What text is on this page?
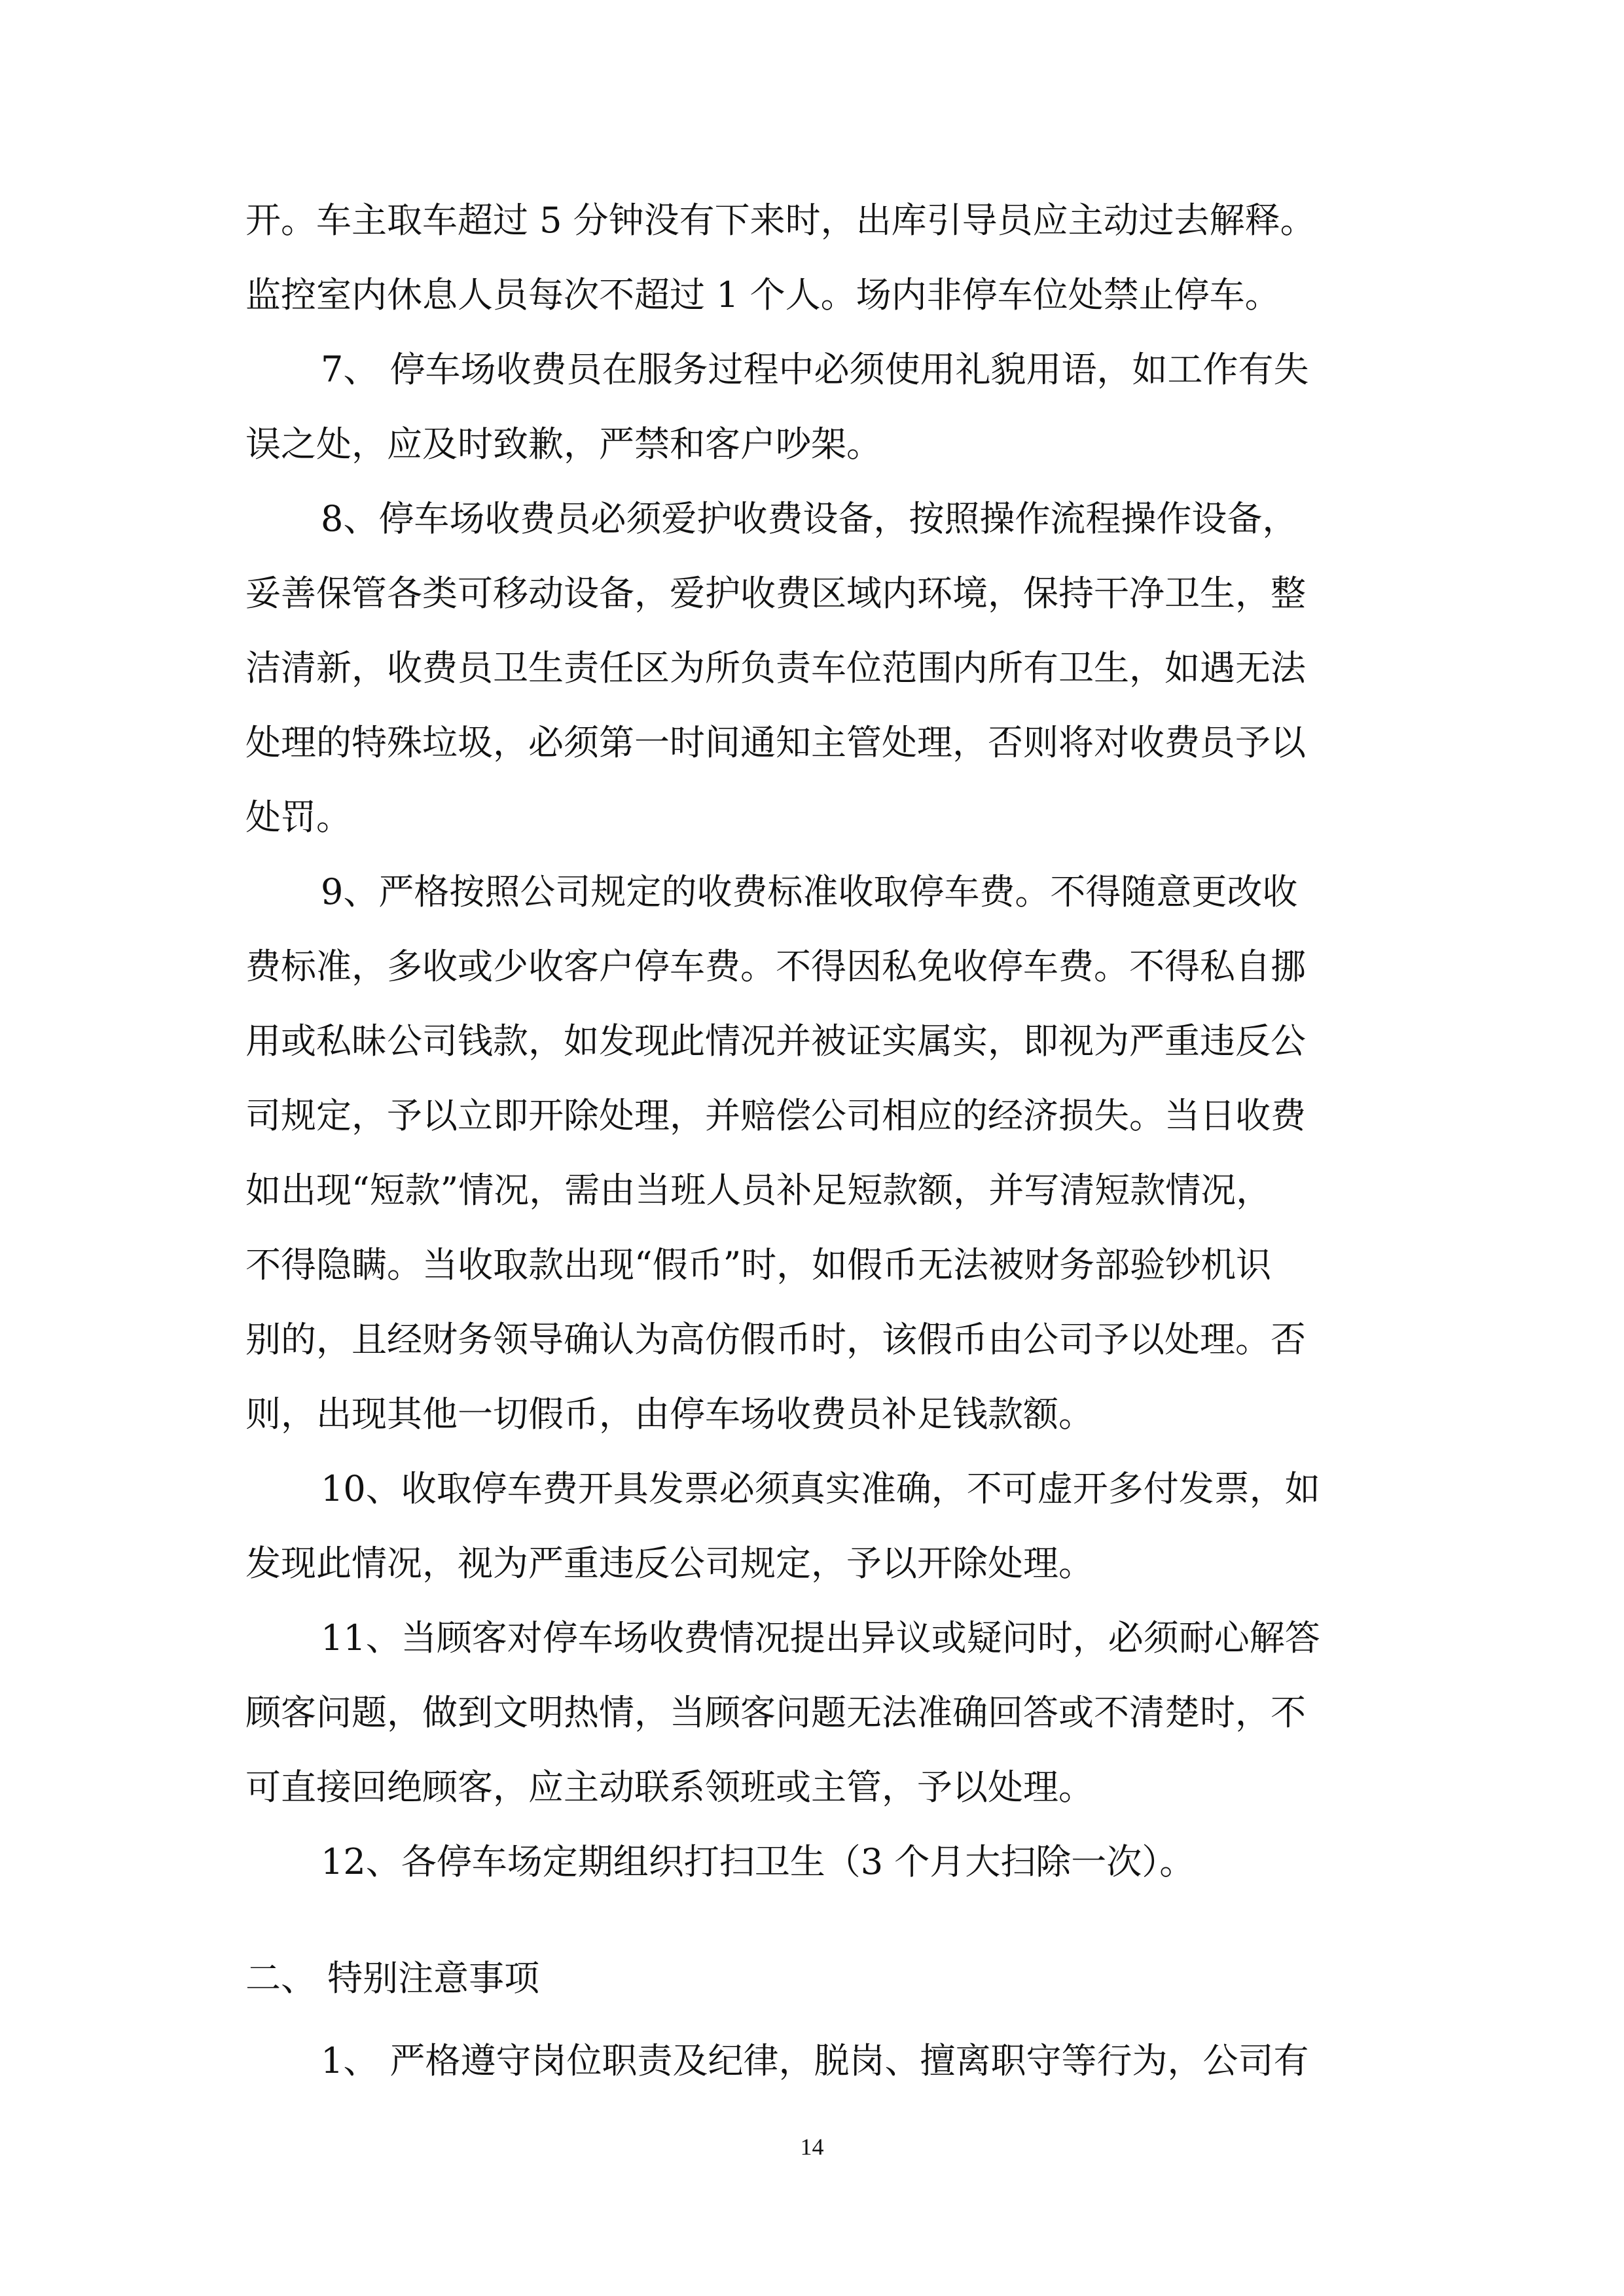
开。车主取车超过 5 分钟没有下来时，出库引导员应主动过去解释。
监控室内休息人员每次不超过 1 个人。场内非停车位处禁止停车。
7、 停车场收费员在服务过程中必须使用礼貌用语，如工作有失
误之处，应及时致歉，严禁和客户吵架。
8、停车场收费员必须爱护收费设备，按照操作流程操作设备，
妥善保管各类可移动设备，爱护收费区域内环境，保持干净卫生，整
洁清新，收费员卫生责任区为所负责车位范围内所有卫生，如遇无法
处理的特殊垃圾，必须第一时间通知主管处理，否则将对收费员予以
处罚。
9、严格按照公司规定的收费标准收取停车费。不得随意更改收
费标准，多收或少收客户停车费。不得因私免收停车费。不得私自挪
用或私昧公司钱款，如发现此情况并被证实属实，即视为严重违反公
司规定，予以立即开除处理，并赔偿公司相应的经济损失。当日收费
如出现“短款”情况，需由当班人员补足短款额，并写清短款情况，
不得隐瞒。当收取款出现“假币”时，如假币无法被财务部验钞机识
别的，且经财务领导确认为高仿假币时，该假币由公司予以处理。否
则，出现其他一切假币，由停车场收费员补足钱款额。
10、收取停车费开具发票必须真实准确，不可虚开多付发票，如
发现此情况，视为严重违反公司规定，予以开除处理。
11、当顾客对停车场收费情况提出异议或疑问时，必须耐心解答
顾客问题，做到文明热情，当顾客问题无法准确回答或不清楚时，不
可直接回绝顾客，应主动联系领班或主管，予以处理。
12、各停车场定期组织打扫卫生（3 个月大扫除一次）。
二、 特别注意事项
1、 严格遵守岗位职责及纪律，脱岗、擅离职守等行为，公司有
14
